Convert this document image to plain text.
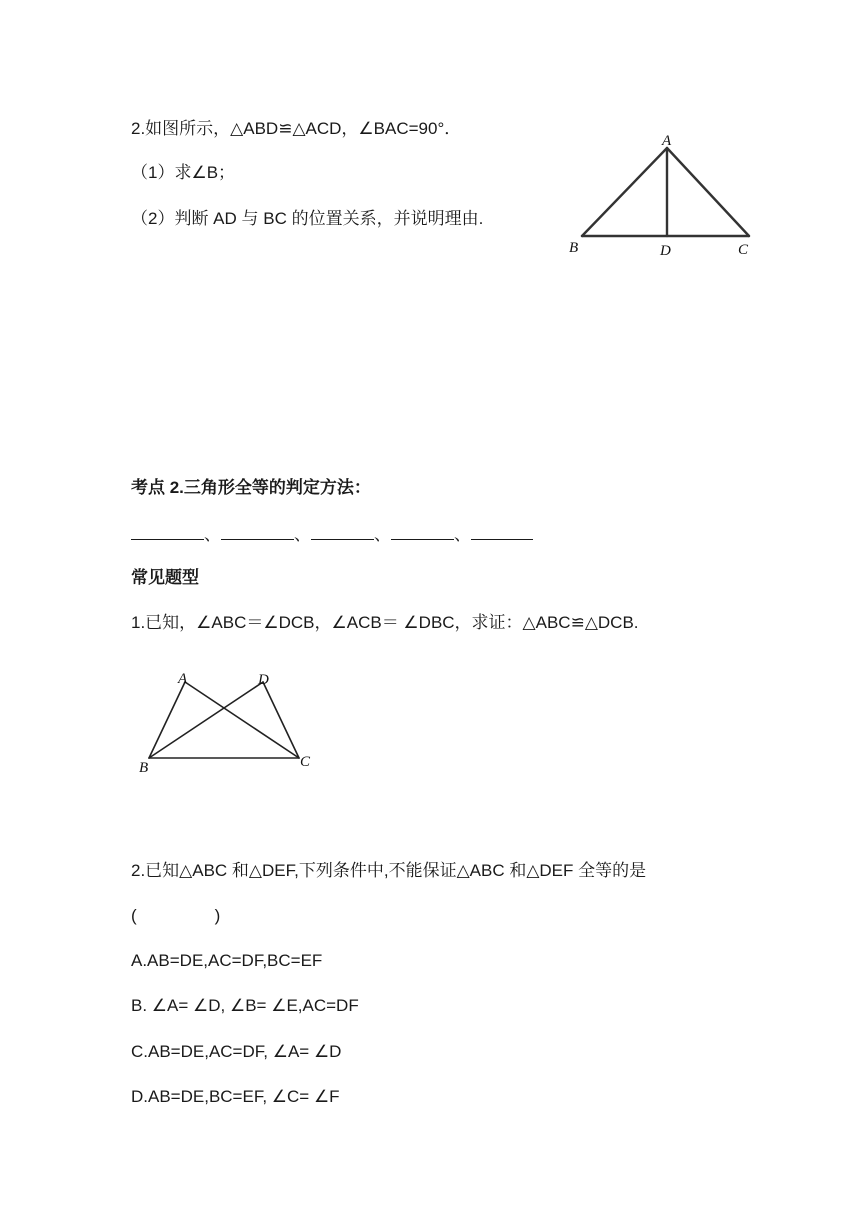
2.如图所示，△ABD≌△ACD，∠BAC=90°．
（1）求∠B；
（2）判断 AD 与 BC 的位置关系，并说明理由.
A
B	D	C
考点 2.三角形全等的判定方法：
、	、	、	、
常见题型
1.已知，∠ABC＝∠DCB，∠ACB＝ ∠DBC，求证：△ABC≌△DCB.
A	D
B	C
2.已知△ABC 和△DEF,下列条件中,不能保证△ABC 和△DEF 全等的是
(	)
A.AB=DE,AC=DF,BC=EF
B. ∠A= ∠D, ∠B= ∠E,AC=DF
C.AB=DE,AC=DF, ∠A= ∠D
D.AB=DE,BC=EF, ∠C= ∠F
